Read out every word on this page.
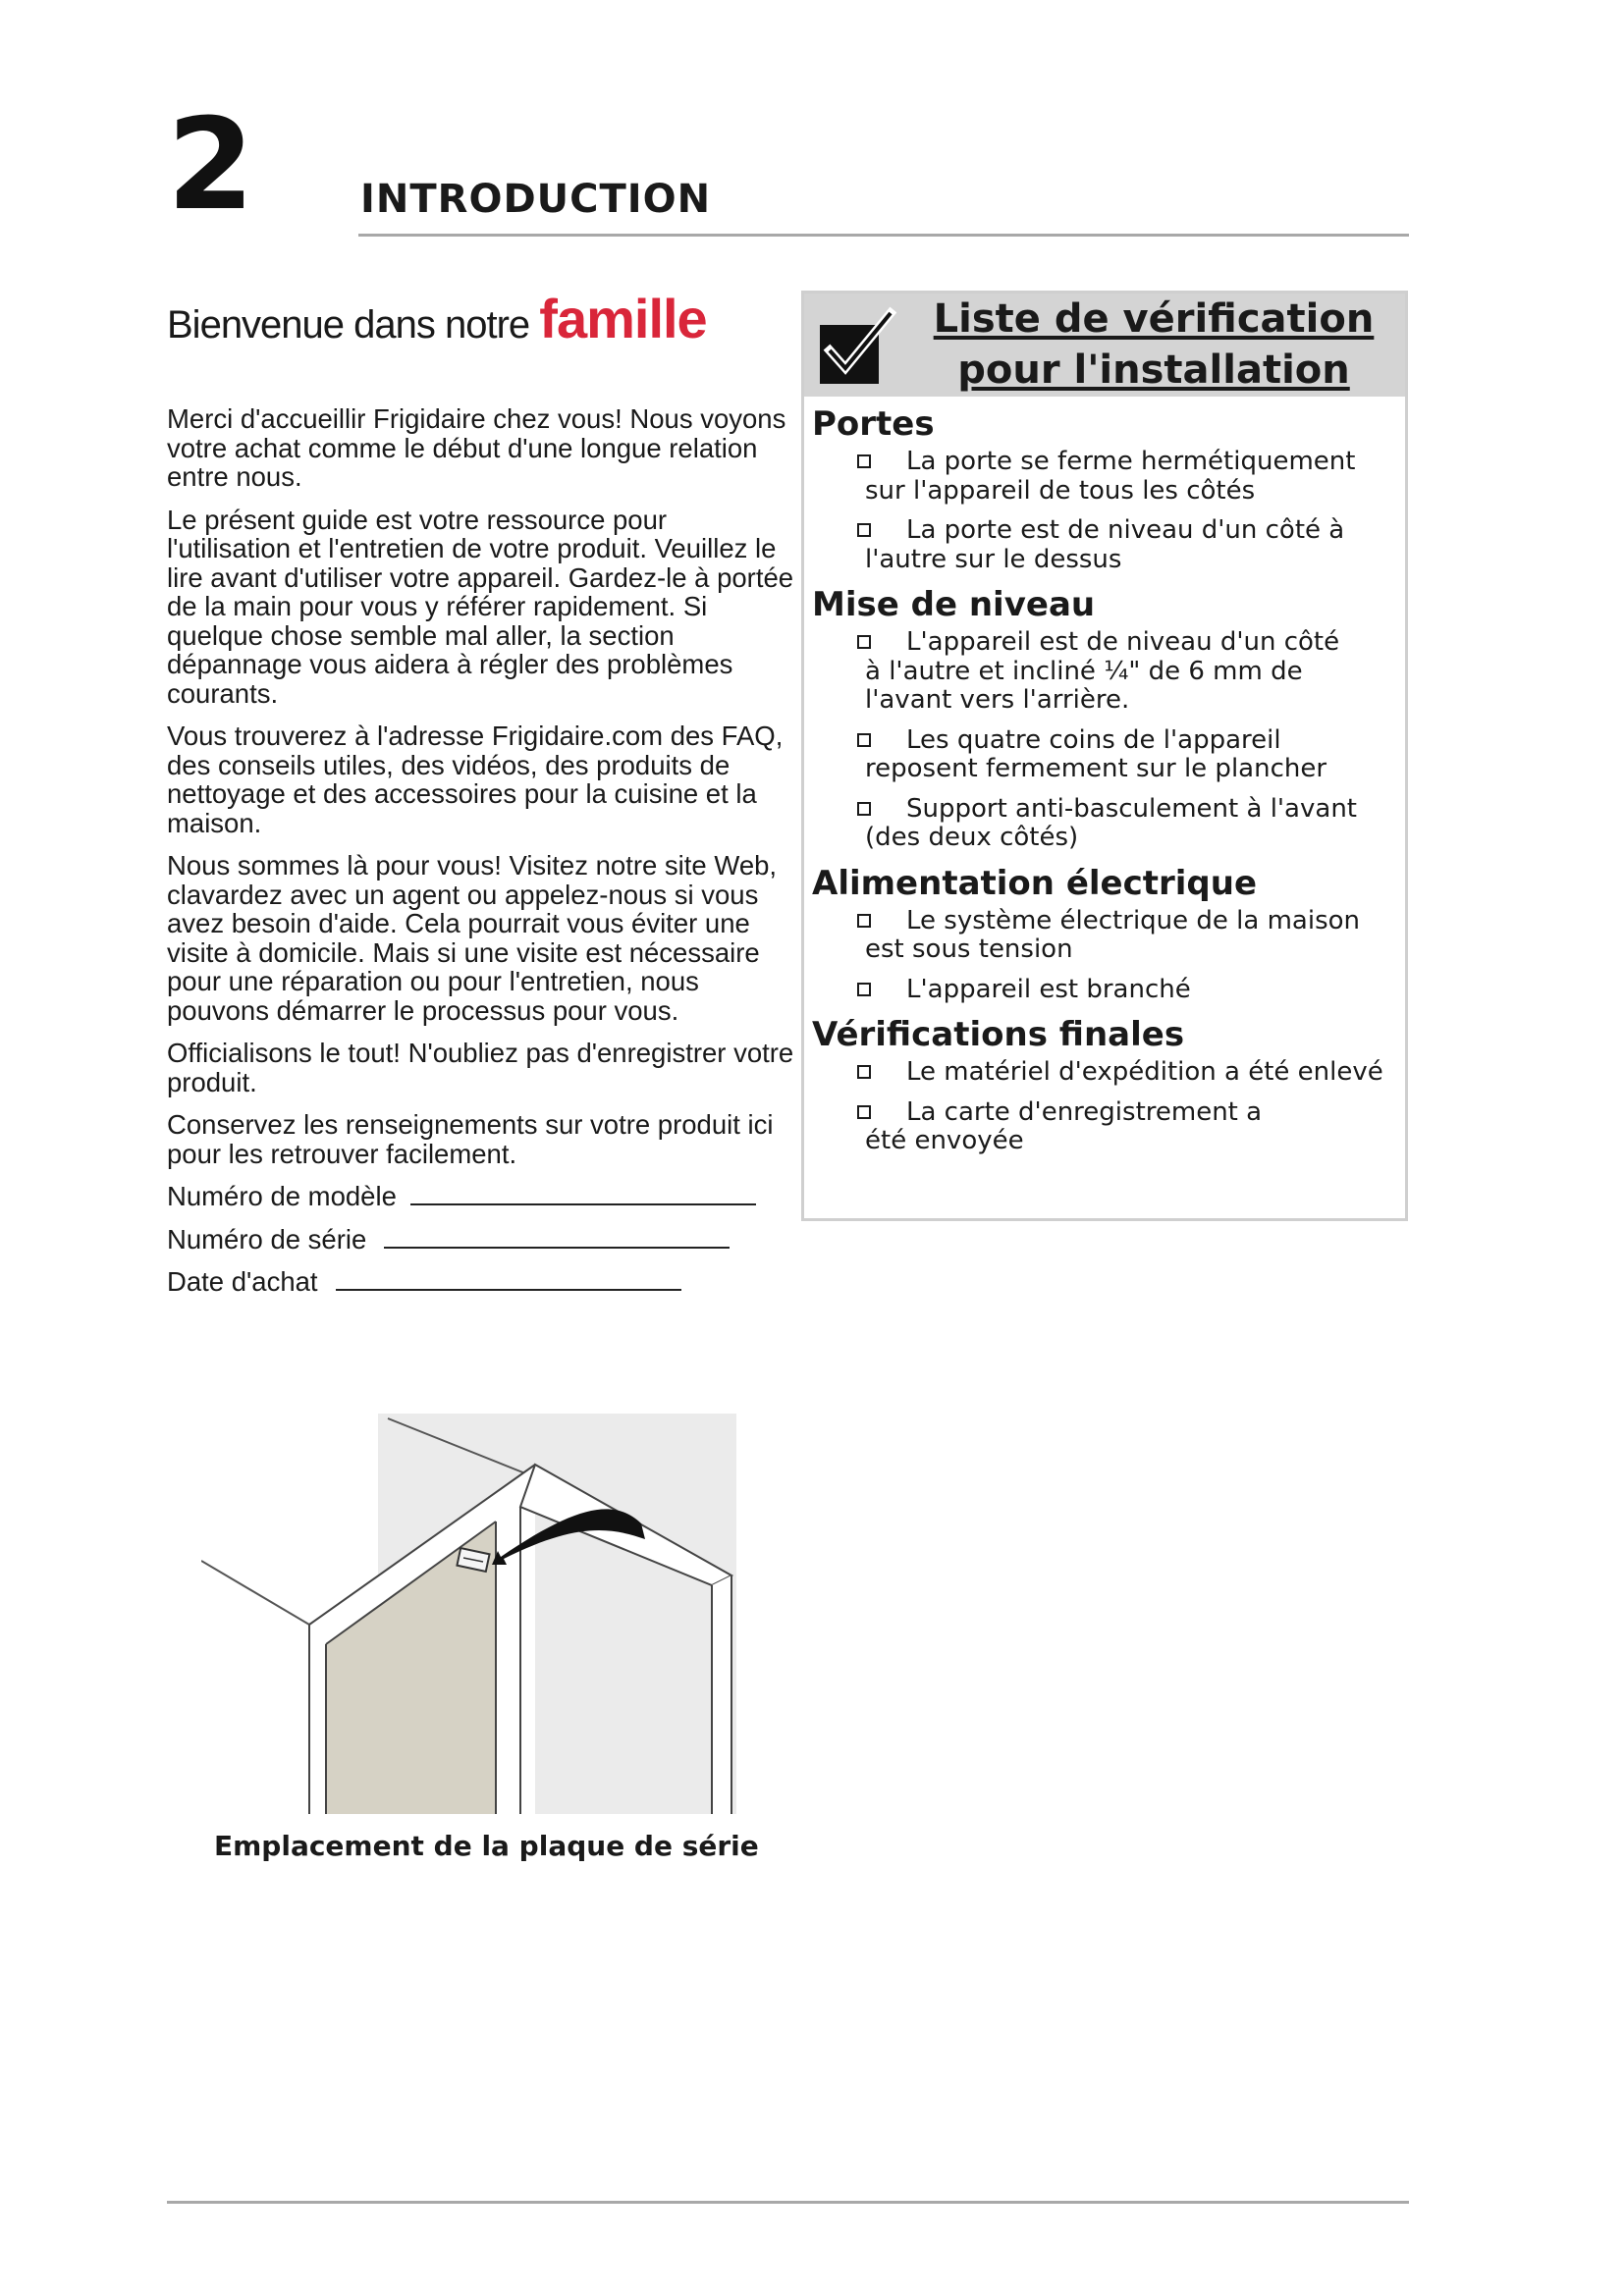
2	INTRODUCTION
Bienvenue dans notre famille

Merci d'accueillir Frigidaire chez vous! Nous voyons votre achat comme le début d'une longue relation entre nous.

Le présent guide est votre ressource pour l'utilisation et l'entretien de votre produit. Veuillez le lire avant d'utiliser votre appareil. Gardez-le à portée de la main pour vous y référer rapidement. Si quelque chose semble mal aller, la section dépannage vous aidera à régler des problèmes courants.

Vous trouverez à l'adresse Frigidaire.com des FAQ, des conseils utiles, des vidéos, des produits de nettoyage et des accessoires pour la cuisine et la maison.

Nous sommes là pour vous! Visitez notre site Web, clavardez avec un agent ou appelez-nous si vous avez besoin d'aide. Cela pourrait vous éviter une visite à domicile. Mais si une visite est nécessaire pour une réparation ou pour l'entretien, nous pouvons démarrer le processus pour vous.

Officialisons le tout! N'oubliez pas d'enregistrer votre produit.

Conservez les renseignements sur votre produit ici pour les retrouver facilement.

Numéro de modèle
Numéro de série
Date d'achat
Liste de vérification
pour l'installation
Portes
La porte se ferme hermétiquement
sur l'appareil de tous les côtés
La porte est de niveau d'un côté à
l'autre sur le dessus
Mise de niveau
L'appareil est de niveau d'un côté
à l'autre et incliné ¼" de 6 mm de
l'avant vers l'arrière.
Les quatre coins de l'appareil
reposent fermement sur le plancher
Support anti-basculement à l'avant
(des deux côtés)
Alimentation électrique
Le système électrique de la maison
est sous tension
L'appareil est branché
Vérifications finales
Le matériel d'expédition a été enlevé
La carte d'enregistrement a
été envoyée
Emplacement de la plaque de série
